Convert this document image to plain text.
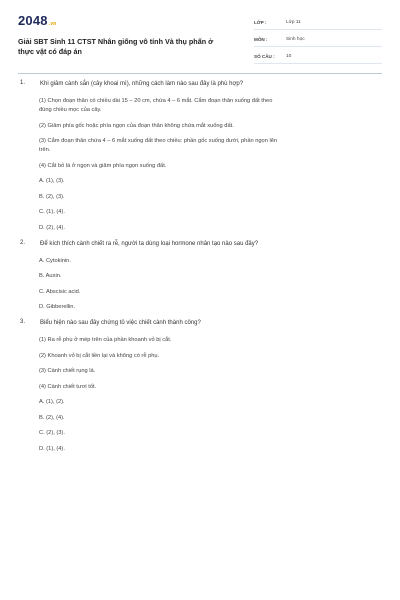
2048.vn
Giải SBT Sinh 11 CTST Nhân giống vô tính Và thụ phấn ở
thực vật có đáp án
LỚP :	Lớp 11
MÔN :	Sinh học
SỐ CÂU :	10
1.	Khi giâm cành sắn (cây khoai mì), những cách làm nào sau đây là phù hợp?
(1) Chọn đoạn thân có chiều dài 15 – 20 cm, chứa 4 – 6 mắt. Cắm đoạn thân xuống đất theo
đúng chiều mọc của cây.
(2) Giâm phía gốc hoặc phía ngọn của đoạn thân không chứa mắt xuống đất.
(3) Cắm đoạn thân chứa 4 – 6 mắt xuống đất theo chiều: phần gốc xuống dưới, phần ngọn lên
trên.
(4) Cắt bỏ lá ở ngọn và giâm phía ngọn xuống đất.
A. (1), (3).
B. (2), (3).
C. (1), (4).
D. (2), (4).
2.	Để kích thích cành chiết ra rễ, người ta dùng loại hormone nhân tạo nào sau đây?
A. Cytokinin.
B. Auxin.
C. Abscisic acid.
D. Gibberellin.
3.	Biểu hiện nào sau đây chứng tỏ việc chiết cành thành công?
(1) Ra rễ phụ ở mép trên của phần khoanh vỏ bị cắt.
(2) Khoanh vỏ bị cắt liền lại và không có rễ phụ.
(3) Cành chiết rụng lá.
(4) Cành chiết tươi tốt.
A. (1), (2).
B. (2), (4).
C. (2), (3).
D. (1), (4).
